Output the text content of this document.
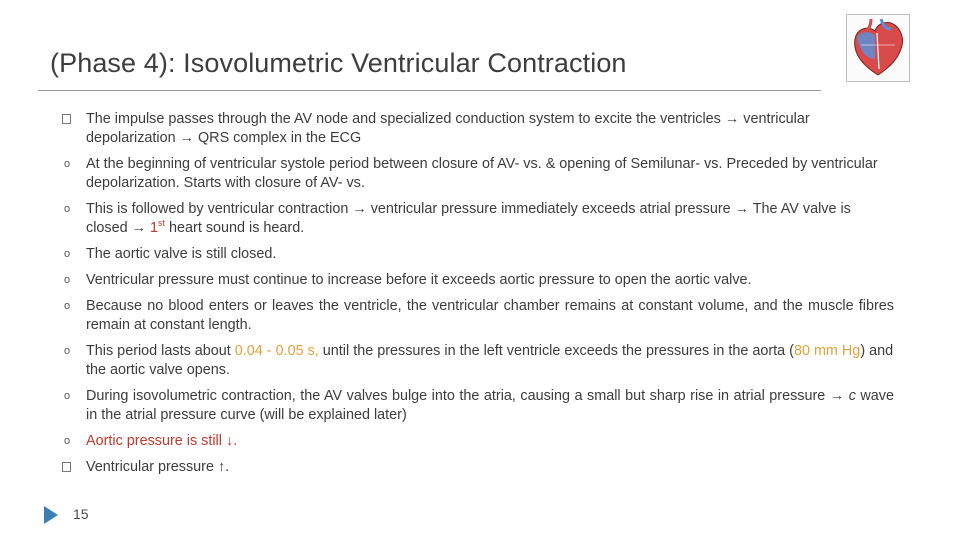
(Phase 4): Isovolumetric Ventricular Contraction
The impulse passes through the AV node and specialized conduction system to excite the ventricles → ventricular depolarization → QRS complex in the ECG
o At the beginning of ventricular systole period between closure of AV- vs. & opening of Semilunar- vs. Preceded by ventricular depolarization. Starts with closure of AV- vs.
o This is followed by ventricular contraction → ventricular pressure immediately exceeds atrial pressure → The AV valve is closed → 1st heart sound is heard.
o The aortic valve is still closed.
o Ventricular pressure must continue to increase before it exceeds aortic pressure to open the aortic valve.
o Because no blood enters or leaves the ventricle, the ventricular chamber remains at constant volume, and the muscle fibres remain at constant length.
o This period lasts about 0.04 - 0.05 s, until the pressures in the left ventricle exceeds the pressures in the aorta (80 mm Hg) and the aortic valve opens.
o During isovolumetric contraction, the AV valves bulge into the atria, causing a small but sharp rise in atrial pressure → c wave in the atrial pressure curve (will be explained later)
o Aortic pressure is still ↓.
Ventricular pressure ↑.
15
